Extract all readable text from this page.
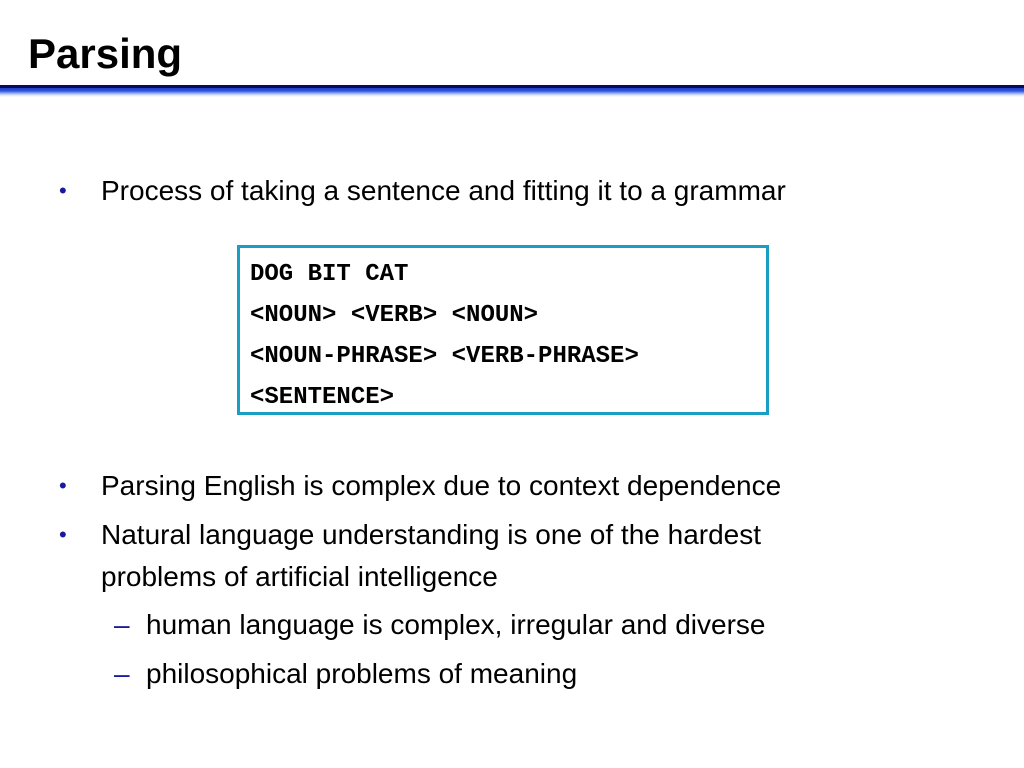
Parsing
•	Process of taking a sentence and fitting it to a grammar
DOG BIT CAT
<NOUN> <VERB> <NOUN>
<NOUN-PHRASE> <VERB-PHRASE>
<SENTENCE>
•	Parsing English is complex due to context dependence
•	Natural language understanding is one of the hardest
problems of artificial intelligence
– human language is complex, irregular and diverse
– philosophical problems of meaning
